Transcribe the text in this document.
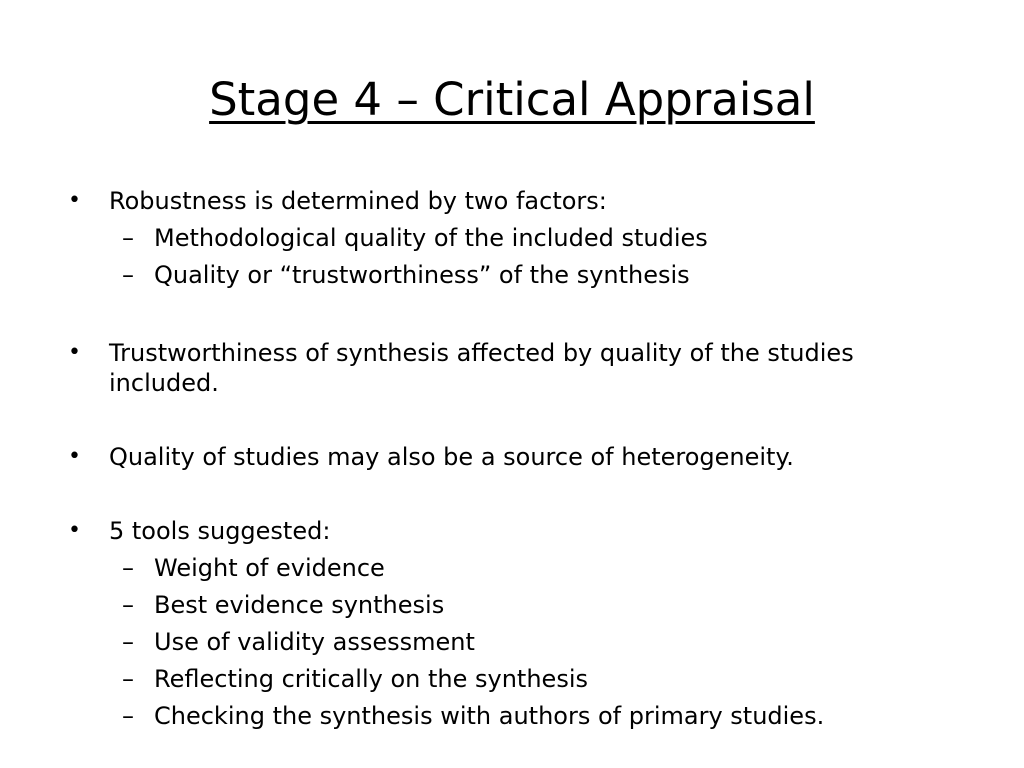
Stage 4 – Critical Appraisal
• Robustness is determined by two factors:
– Methodological quality of the included studies
– Quality or “trustworthiness” of the synthesis
• Trustworthiness of synthesis affected by quality of the studies included.
• Quality of studies may also be a source of heterogeneity.
• 5 tools suggested:
– Weight of evidence
– Best evidence synthesis
– Use of validity assessment
– Reflecting critically on the synthesis
– Checking the synthesis with authors of primary studies.
